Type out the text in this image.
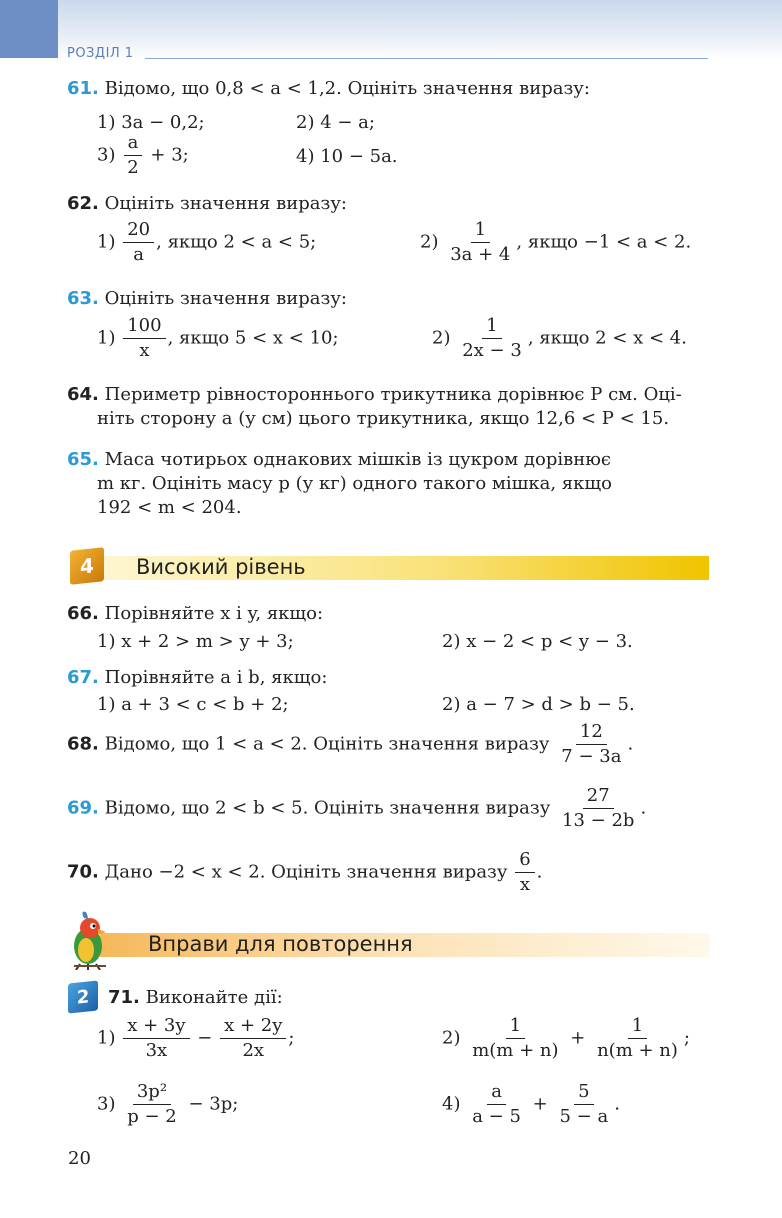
РОЗДІЛ 1
61. Відомо, що 0,8 < a < 1,2. Оцініть значення виразу:
1) 3a − 0,2;	2) 4 − a;
$3) \frac{a}{2} + 3$;	4) 10 − 5a.
62. Оцініть значення виразу:
$1) \frac{20}{a}$ , якщо 2 < a < 5;	$2) \frac{1}{3a + 4}$ , якщо −1 < a < 2.
63. Оцініть значення виразу:
$1) \frac{100}{x}$ , якщо 5 < x < 10;	$2) \frac{1}{2x - 3}$ , якщо 2 < x < 4.
64. Периметр рівностороннього трикутника дорівнює P см. Оці-
ніть сторону a (у см) цього трикутника, якщо 12,6 < P < 15.
65. Маса чотирьох однакових мішків із цукром дорівнює
m кг. Оцініть масу p (у кг) одного такого мішка, якщо
192 < m < 204.
4	Високий рівень
66. Порівняйте x і y, якщо:
1) x + 2 > m > y + 3;	2) x − 2 < p < y − 3.
67. Порівняйте a і b, якщо:
1) a + 3 < c < b + 2;	2) a − 7 > d > b − 5.
68. Відомо, що 1 < a < 2. Оцініть значення виразу $\frac{12}{7 - 3a}$ .
69. Відомо, що 2 < b < 5. Оцініть значення виразу $\frac{27}{13 - 2b}$ .
70. Дано −2 < x < 2. Оцініть значення виразу $\frac{6}{x}$ .
Вправи для повторення
2	71. Виконайте дії:
$1) \frac{x + 3y}{3x} - \frac{x + 2y}{2x}$ ;	$2) \frac{1}{m(m + n)} + \frac{1}{n(m + n)}$ ;
$3) \frac{\text{3p²}}{p - 2} - 3p$;	$4) \frac{a}{a - 5} + \frac{5}{5 - a}$ .
20
